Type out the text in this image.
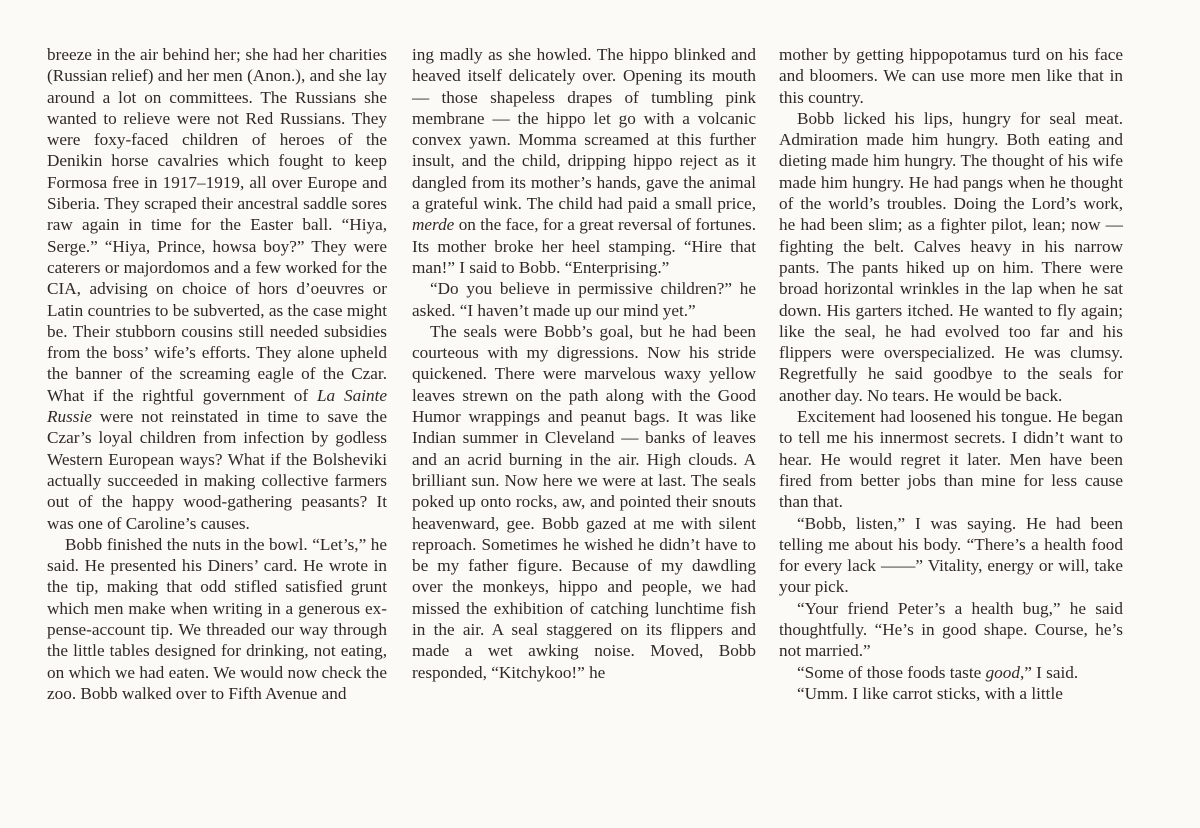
breeze in the air behind her; she had her charities (Russian relief) and her men (Anon.), and she lay around a lot on committees. The Russians she wanted to relieve were not Red Russians. They were foxy-faced children of heroes of the Denikin horse cavalries which fought to keep Formosa free in 1917–1919, all over Europe and Siberia. They scraped their ancestral saddle sores raw again in time for the Easter ball. “Hiya, Serge.” “Hiya, Prince, howsa boy?” They were caterers or majordomos and a few worked for the CIA, advising on choice of hors d’oeuvres or Latin countries to be subverted, as the case might be. Their stubborn cousins still needed subsidies from the boss’ wife’s efforts. They alone upheld the banner of the screaming eagle of the Czar. What if the rightful government of La Sainte Russie were not reinstated in time to save the Czar’s loyal children from infection by godless Western European ways? What if the Bolsheviki actually succeeded in making collective farmers out of the happy wood-gathering peasants? It was one of Caroline’s causes.

Bobb finished the nuts in the bowl. “Let’s,” he said. He presented his Diners’ card. He wrote in the tip, making that odd stifled satisfied grunt which men make when writing in a generous expense-account tip. We threaded our way through the little tables designed for drinking, not eating, on which we had eaten. We would now check the zoo. Bobb walked over to Fifth Avenue and

ing madly as she howled. The hippo blinked and heaved itself delicately over. Opening its mouth — those shapeless drapes of tumbling pink membrane — the hippo let go with a volcanic convex yawn. Momma screamed at this further insult, and the child, dripping hippo reject as it dangled from its mother’s hands, gave the animal a grateful wink. The child had paid a small price, merde on the face, for a great reversal of fortunes. Its mother broke her heel stamping. “Hire that man!” I said to Bobb. “Enterprising.”

“Do you believe in permissive children?” he asked. “I haven’t made up our mind yet.”

The seals were Bobb’s goal, but he had been courteous with my digressions. Now his stride quickened. There were marvelous waxy yellow leaves strewn on the path along with the Good Humor wrappings and peanut bags. It was like Indian summer in Cleveland — banks of leaves and an acrid burning in the air. High clouds. A brilliant sun. Now here we were at last. The seals poked up onto rocks, aw, and pointed their snouts heavenward, gee. Bobb gazed at me with silent reproach. Sometimes he wished he didn’t have to be my father figure. Because of my dawdling over the monkeys, hippo and people, we had missed the exhibition of catching lunchtime fish in the air. A seal staggered on its flippers and made a wet awking noise. Moved, Bobb responded, “Kitchykoo!” he

mother by getting hippopotamus turd on his face and bloomers. We can use more men like that in this country.

Bobb licked his lips, hungry for seal meat. Admiration made him hungry. Both eating and dieting made him hungry. The thought of his wife made him hungry. He had pangs when he thought of the world’s troubles. Doing the Lord’s work, he had been slim; as a fighter pilot, lean; now — fighting the belt. Calves heavy in his narrow pants. The pants hiked up on him. There were broad horizontal wrinkles in the lap when he sat down. His garters itched. He wanted to fly again; like the seal, he had evolved too far and his flippers were overspecialized. He was clumsy. Regretfully he said goodbye to the seals for another day. No tears. He would be back.

Excitement had loosened his tongue. He began to tell me his innermost secrets. I didn’t want to hear. He would regret it later. Men have been fired from better jobs than mine for less cause than that.

“Bobb, listen,” I was saying. He had been telling me about his body. “There’s a health food for every lack ——” Vitality, energy or will, take your pick.

“Your friend Peter’s a health bug,” he said thoughtfully. “He’s in good shape. Course, he’s not married.”

“Some of those foods taste good,” I said.

“Umm. I like carrot sticks, with a little
